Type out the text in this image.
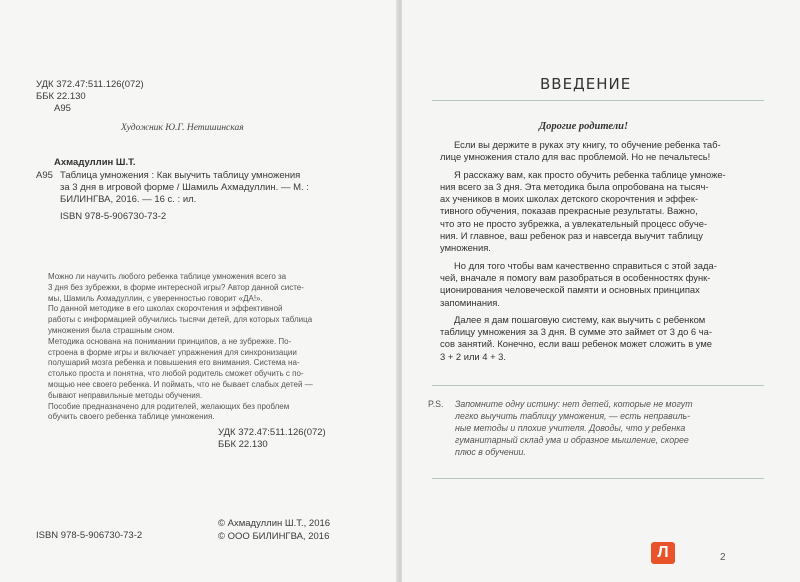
УДК 372.47:511.126(072)
ББК 22.130
А95
Художник Ю.Г. Нетишинская
Ахмадуллин Ш.Т.
А95 Таблица умножения : Как выучить таблицу умножения
за 3 дня в игровой форме / Шамиль Ахмадуллин. — М. :
БИЛИНГВА, 2016. — 16 с. : ил.
ISBN 978-5-906730-73-2

Можно ли научить любого ребенка таблице умножения всего за

3 дня без зубрежки, в форме интересной игры? Автор данной систе-

мы, Шамиль Ахмадуллин, с уверенностью говорит «ДА!».

По данной методике в его школах скорочтения и эффективной

работы с информацией обучились тысячи детей, для которых таблица

умножения была страшным сном.

Методика основана на понимании принципов, а не зубрежке. По-

строена в форме игры и включает упражнения для синхронизации

полушарий мозга ребенка и повышения его внимания. Система на-

столько проста и понятна, что любой родитель сможет обучить с по-

мощью нее своего ребенка. И поймать, что не бывает слабых детей —

бывают неправильные методы обучения.

Пособие предназначено для родителей, желающих без проблем

обучить своего ребенка таблице умножения.

УДК 372.47:511.126(072)
ББК 22.130
ISBN 978-5-906730-73-2
© Ахмадуллин Ш.Т., 2016
© ООО БИЛИНГВА, 2016
ВВЕДЕНИЕ
Дорогие родители!
Если вы держите в руках эту книгу, то обучение ребенка таб-
лице умножения стало для вас проблемой. Но не печальтесь!
Я расскажу вам, как просто обучить ребенка таблице умноже-
ния всего за 3 дня. Эта методика была опробована на тысяч-
ах учеников в моих школах детского скорочтения и эффек-
тивного обучения, показав прекрасные результаты. Важно,
что это не просто зубрежка, а увлекательный процесс обуче-
ния. И главное, ваш ребенок раз и навсегда выучит таблицу
умножения.
Но для того чтобы вам качественно справиться с этой зада-
чей, вначале я помогу вам разобраться в особенностях функ-
ционирования человеческой памяти и основных принципах
запоминания.
Далее я дам пошаговую систему, как выучить с ребенком
таблицу умножения за 3 дня. В сумме это займет от 3 до 6 ча-
сов занятий. Конечно, если ваш ребенок может сложить в уме
3 + 2 или 4 + 3.
P.S. Запомните одну истину: нет детей, которые не могут
легко выучить таблицу умножения, — есть неправиль-
ные методы и плохие учителя. Доводы, что у ребенка
гуманитарный склад ума и образное мышление, скорее
плюс в обучении.
Л	2
